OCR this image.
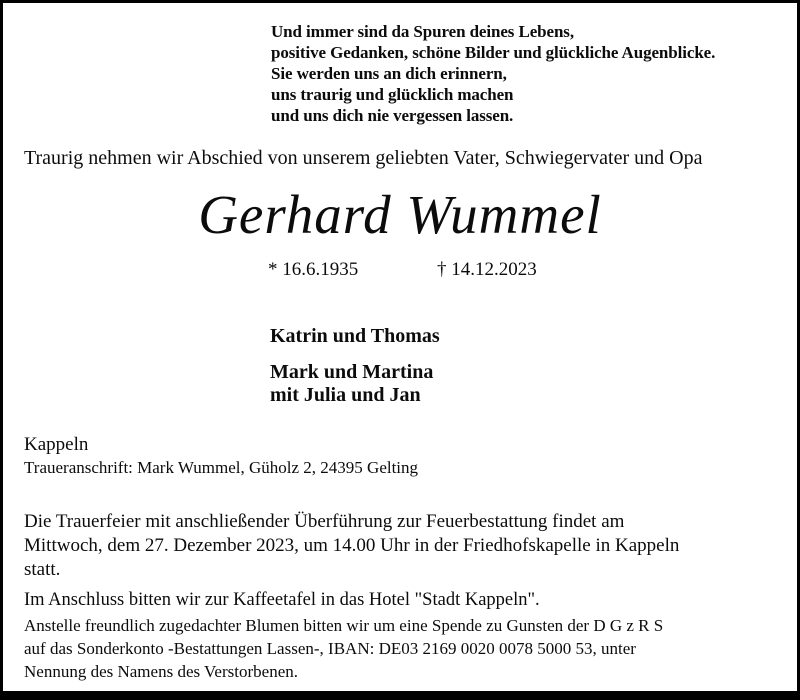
Und immer sind da Spuren deines Lebens,
positive Gedanken, schöne Bilder und glückliche Augenblicke.
Sie werden uns an dich erinnern,
uns traurig und glücklich machen
und uns dich nie vergessen lassen.
Traurig nehmen wir Abschied von unserem geliebten Vater, Schwiegervater und Opa
Gerhard Wummel
* 16.6.1935	† 14.12.2023
Katrin und Thomas
Mark und Martina
mit Julia und Jan
Kappeln
Traueranschrift: Mark Wummel, Güholz 2, 24395 Gelting
Die Trauerfeier mit anschließender Überführung zur Feuerbestattung findet am
Mittwoch, dem 27. Dezember 2023, um 14.00 Uhr in der Friedhofskapelle in Kappeln
statt.
Im Anschluss bitten wir zur Kaffeetafel in das Hotel "Stadt Kappeln".
Anstelle freundlich zugedachter Blumen bitten wir um eine Spende zu Gunsten der D G z R S
auf das Sonderkonto -Bestattungen Lassen-, IBAN: DE03 2169 0020 0078 5000 53, unter
Nennung des Namens des Verstorbenen.
